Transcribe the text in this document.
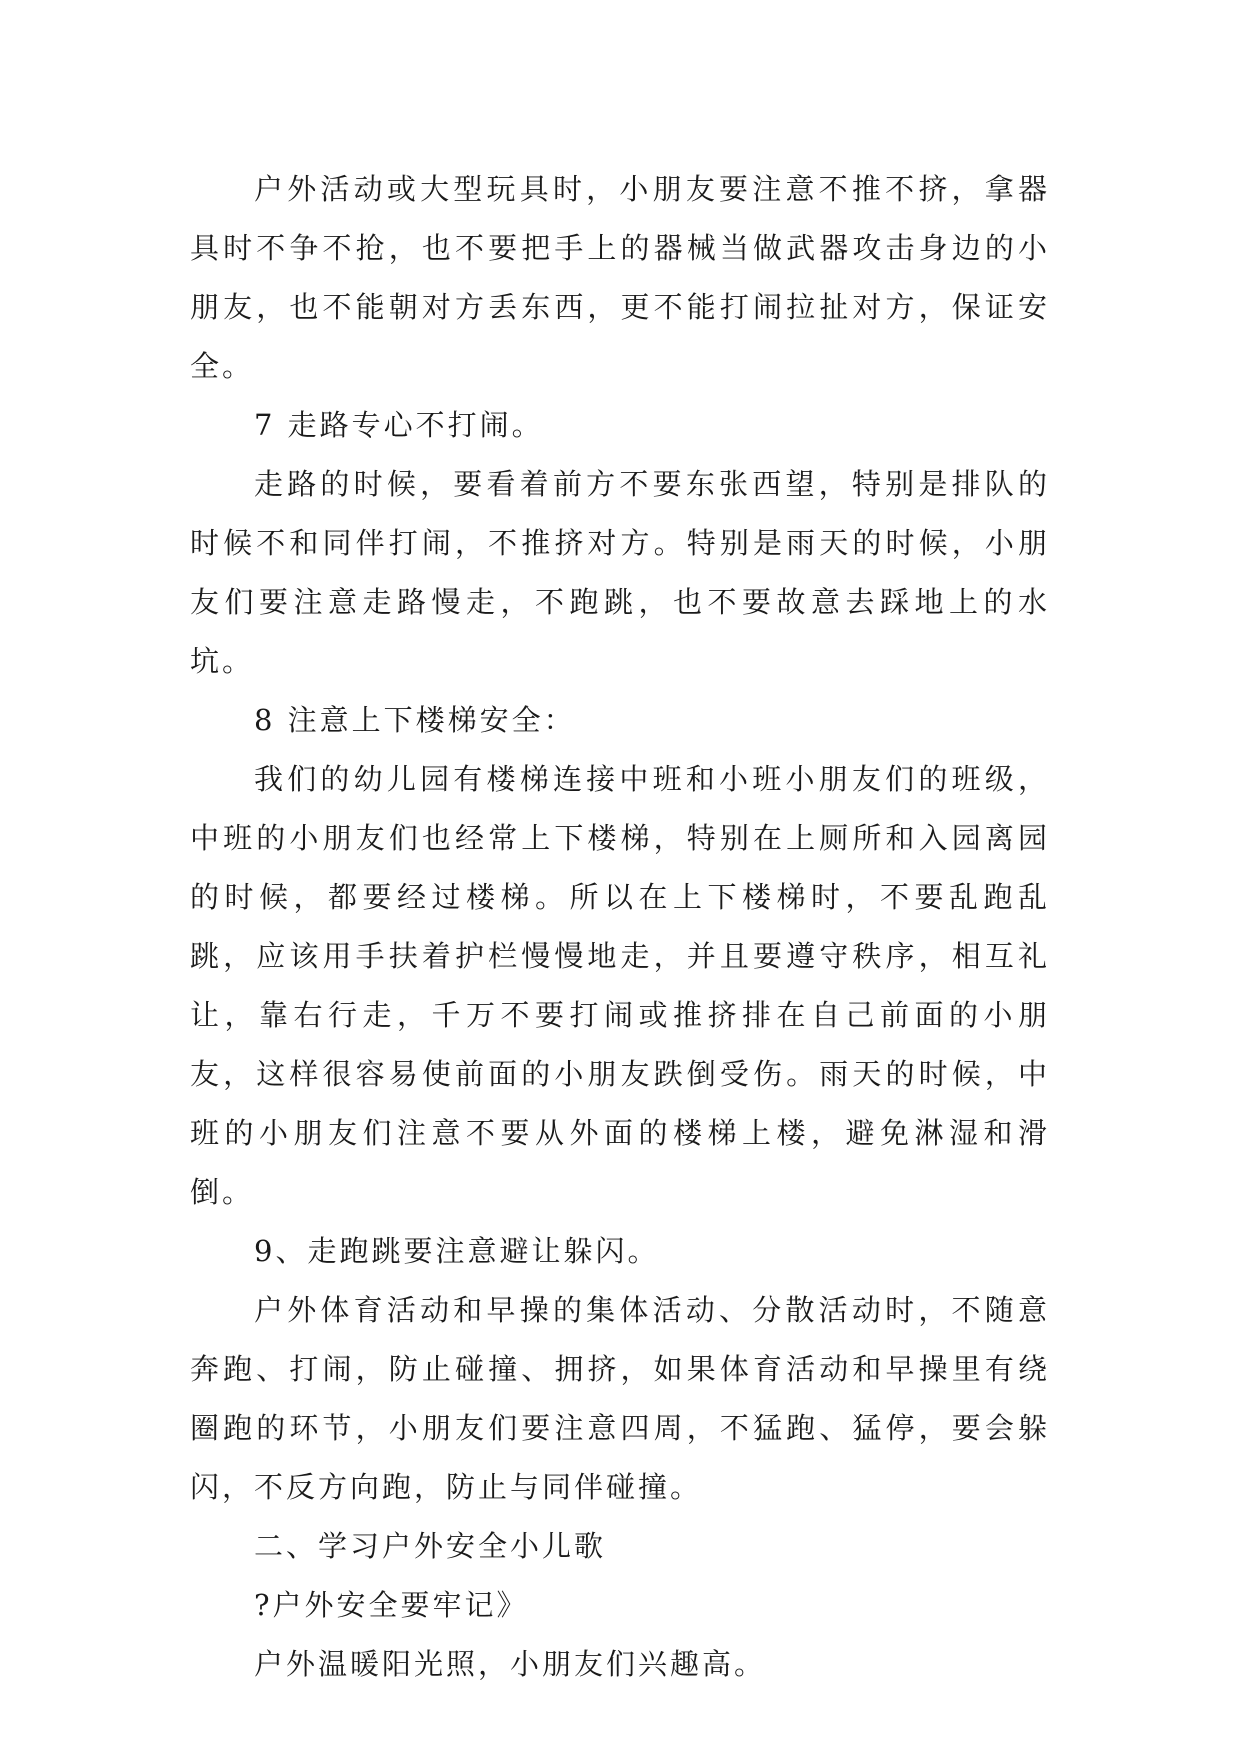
户外活动或大型玩具时，小朋友要注意不推不挤，拿器具时不争不抢，也不要把手上的器械当做武器攻击身边的小朋友，也不能朝对方丢东西，更不能打闹拉扯对方，保证安全。

7 走路专心不打闹。

走路的时候，要看着前方不要东张西望，特别是排队的时候不和同伴打闹，不推挤对方。特别是雨天的时候，小朋友们要注意走路慢走，不跑跳，也不要故意去踩地上的水坑。

8 注意上下楼梯安全：

我们的幼儿园有楼梯连接中班和小班小朋友们的班级，中班的小朋友们也经常上下楼梯，特别在上厕所和入园离园的时候，都要经过楼梯。所以在上下楼梯时，不要乱跑乱跳，应该用手扶着护栏慢慢地走，并且要遵守秩序，相互礼让，靠右行走，千万不要打闹或推挤排在自己前面的小朋友，这样很容易使前面的小朋友跌倒受伤。雨天的时候，中班的小朋友们注意不要从外面的楼梯上楼，避免淋湿和滑倒。

9、走跑跳要注意避让躲闪。

户外体育活动和早操的集体活动、分散活动时，不随意奔跑、打闹，防止碰撞、拥挤，如果体育活动和早操里有绕圈跑的环节，小朋友们要注意四周，不猛跑、猛停，要会躲闪，不反方向跑，防止与同伴碰撞。

二、学习户外安全小儿歌

?户外安全要牢记》

户外温暖阳光照，小朋友们兴趣高。
